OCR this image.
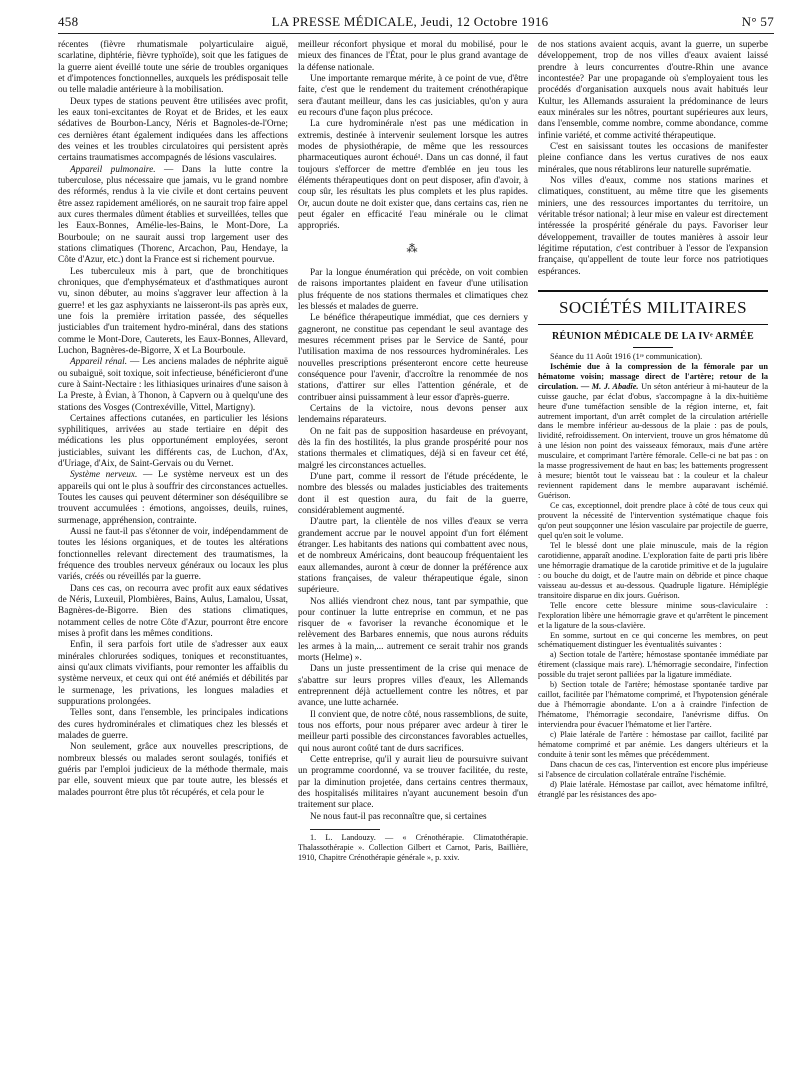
458	LA PRESSE MÉDICALE, Jeudi, 12 Octobre 1916	N° 57

récentes (fièvre rhumatismale polyarticulaire aiguë, scarlatine, diphtérie, fièvre typhoïde), soit que les fatigues de la guerre aient éveillé toute une série de troubles organiques et d'impotences fonctionnelles, auxquels les prédisposait telle ou telle maladie antérieure à la mobilisation.

Deux types de stations peuvent être utilisées avec profit, les eaux toni-excitantes de Royat et de Brides, et les eaux sédatives de Bourbon-Lancy, Néris et Bagnoles-de-l'Orne; ces dernières étant également indiquées dans les affections des veines et les troubles circulatoires qui persistent après certains traumatismes accompagnés de lésions vasculaires.

Appareil pulmonaire. — Dans la lutte contre la tuberculose, plus nécessaire que jamais, vu le grand nombre des réformés, rendus à la vie civile et dont certains peuvent être assez rapidement améliorés, on ne saurait trop faire appel aux cures thermales dûment établies et surveillées, telles que les Eaux-Bonnes, Amélie-les-Bains, le Mont-Dore, La Bourboule; on ne saurait aussi trop largement user des stations climatiques (Thorenc, Arcachon, Pau, Hendaye, la Côte d'Azur, etc.) dont la France est si richement pourvue.

Les tuberculeux mis à part, que de bronchitiques chroniques, que d'emphysémateux et d'asthmatiques auront vu, sinon débuter, au moins s'aggraver leur affection à la guerre! et les gaz asphyxiants ne laisseront-ils pas après eux, une fois la première irritation passée, des séquelles justiciables d'un traitement hydro-minéral, dans des stations comme le Mont-Dore, Cauterets, les Eaux-Bonnes, Allevard, Luchon, Bagnères-de-Bigorre, X et La Bourboule.

Appareil rénal. — Les anciens malades de néphrite aiguë ou subaiguë, soit toxique, soit infectieuse, bénéficieront d'une cure à Saint-Nectaire : les lithiasiques urinaires d'une saison à La Preste, à Évian, à Thonon, à Capvern ou à quelqu'une des stations des Vosges (Contrexéville, Vittel, Martigny).

Certaines affections cutanées, en particulier les lésions syphilitiques, arrivées au stade tertiaire en dépit des médications les plus opportunément employées, seront justiciables, suivant les différents cas, de Luchon, d'Ax, d'Uriage, d'Aix, de Saint-Gervais ou du Vernet.

Système nerveux. — Le système nerveux est un des appareils qui ont le plus à souffrir des circonstances actuelles. Toutes les causes qui peuvent déterminer son déséquilibre se trouvent accumulées : émotions, angoisses, deuils, ruines, surmenage, appréhension, contrainte.

Aussi ne faut-il pas s'étonner de voir, indépendamment de toutes les lésions organiques, et de toutes les altérations fonctionnelles relevant directement des traumatismes, la fréquence des troubles nerveux généraux ou locaux les plus variés, créés ou réveillés par la guerre.

Dans ces cas, on recourra avec profit aux eaux sédatives de Néris, Luxeuil, Plombières, Bains, Aulus, Lamalou, Ussat, Bagnères-de-Bigorre. Bien des stations climatiques, notamment celles de notre Côte d'Azur, pourront être encore mises à profit dans les mêmes conditions.

Enfin, il sera parfois fort utile de s'adresser aux eaux minérales chlorurées sodiques, toniques et reconstituantes, ainsi qu'aux climats vivifiants, pour remonter les affaiblis du système nerveux, et ceux qui ont été anémiés et débilités par le surmenage, les privations, les longues maladies et suppurations prolongées.

Telles sont, dans l'ensemble, les principales indications des cures hydrominérales et climatiques chez les blessés et malades de guerre.

Non seulement, grâce aux nouvelles prescriptions, de nombreux blessés ou malades seront soulagés, tonifiés et guéris par l'emploi judicieux de la méthode thermale, mais par elle, souvent mieux que par toute autre, les blessés et malades pourront être plus tôt récupérés, et cela pour le

meilleur réconfort physique et moral du mobilisé, pour le mieux des finances de l'État, pour le plus grand avantage de la défense nationale.

Une importante remarque mérite, à ce point de vue, d'être faite, c'est que le rendement du traitement crénothérapique sera d'autant meilleur, dans les cas jusiciables, qu'on y aura eu recours d'une façon plus précoce.

La cure hydrominérale n'est pas une médication in extremis, destinée à intervenir seulement lorsque les autres modes de physiothérapie, de même que les ressources pharmaceutiques auront échoué¹. Dans un cas donné, il faut toujours s'efforcer de mettre d'emblée en jeu tous les éléments thérapeutiques dont on peut disposer, afin d'avoir, à coup sûr, les résultats les plus complets et les plus rapides. Or, aucun doute ne doit exister que, dans certains cas, rien ne peut égaler en efficacité l'eau minérale ou le climat appropriés.

⁂

Par la longue énumération qui précède, on voit combien de raisons importantes plaident en faveur d'une utilisation plus fréquente de nos stations thermales et climatiques chez les blessés et malades de guerre.

Le bénéfice thérapeutique immédiat, que ces derniers y gagneront, ne constitue pas cependant le seul avantage des mesures récemment prises par le Service de Santé, pour l'utilisation maxima de nos ressources hydrominérales. Les nouvelles prescriptions présenteront encore cette heureuse conséquence pour l'avenir, d'accroître la renommée de nos stations, d'attirer sur elles l'attention générale, et de contribuer ainsi puissamment à leur essor d'après-guerre.

Certains de la victoire, nous devons penser aux lendemains réparateurs.

On ne fait pas de supposition hasardeuse en prévoyant, dès la fin des hostilités, la plus grande prospérité pour nos stations thermales et climatiques, déjà si en faveur cet été, malgré les circonstances actuelles.

D'une part, comme il ressort de l'étude précédente, le nombre des blessés ou malades justiciables des traitements dont il est question aura, du fait de la guerre, considérablement augmenté.

D'autre part, la clientèle de nos villes d'eaux se verra grandement accrue par le nouvel appoint d'un fort élément étranger. Les habitants des nations qui combattent avec nous, et de nombreux Américains, dont beaucoup fréquentaient les eaux allemandes, auront à cœur de donner la préférence aux stations françaises, de valeur thérapeutique égale, sinon supérieure.

Nos alliés viendront chez nous, tant par sympathie, que pour continuer la lutte entreprise en commun, et ne pas risquer de « favoriser la revanche économique et le relèvement des Barbares ennemis, que nous aurons réduits les armes à la main,... autrement ce serait trahir nos grands morts (Helme) ».

Dans un juste pressentiment de la crise qui menace de s'abattre sur leurs propres villes d'eaux, les Allemands entreprennent déjà actuellement contre les nôtres, et par avance, une lutte acharnée.

Il convient que, de notre côté, nous rassemblions, de suite, tous nos efforts, pour nous préparer avec ardeur à tirer le meilleur parti possible des circonstances favorables actuelles, qui nous auront coûté tant de durs sacrifices.

Cette entreprise, qu'il y aurait lieu de poursuivre suivant un programme coordonné, va se trouver facilitée, du reste, par la diminution projetée, dans certains centres thermaux, des hospitalisés militaires n'ayant aucunement besoin d'un traitement sur place.

Ne nous faut-il pas reconnaître que, si certaines

1. L. Landouzy. — « Crénothérapie. Climatothérapie. Thalassothérapie ». Collection Gilbert et Carnot, Paris, Baillière, 1910, Chapitre Crénothérapie générale », p. xxiv.

de nos stations avaient acquis, avant la guerre, un superbe développement, trop de nos villes d'eaux avaient laissé prendre à leurs concurrentes d'outre-Rhin une avance incontestée? Par une propagande où s'employaient tous les procédés d'organisation auxquels nous avait habitués leur Kultur, les Allemands assuraient la prédominance de leurs eaux minérales sur les nôtres, pourtant supérieures aux leurs, dans l'ensemble, comme nombre, comme abondance, comme infinie variété, et comme activité thérapeutique.

C'est en saisissant toutes les occasions de manifester pleine confiance dans les vertus curatives de nos eaux minérales, que nous rétablirons leur naturelle suprématie.

Nos villes d'eaux, comme nos stations marines et climatiques, constituent, au même titre que les gisements miniers, une des ressources importantes du territoire, un véritable trésor national; à leur mise en valeur est directement intéressée la prospérité générale du pays. Favoriser leur développement, travailler de toutes manières à assoir leur légitime réputation, c'est contribuer à l'essor de l'expansion française, qu'appellent de toute leur force nos patriotiques espérances.

SOCIÉTÉS MILITAIRES
RÉUNION MÉDICALE DE LA IVᵉ ARMÉE

Séance du 11 Août 1916 (1ʳᵉ communication).

Ischémie due à la compression de la fémorale par un hématome voisin; massage direct de l'artère; retour de la circulation. — M. J. Abadie. Un séton antérieur à mi-hauteur de la cuisse gauche, par éclat d'obus, s'accompagne à la dix-huitième heure d'une tuméfaction sensible de la région interne, et, fait autrement important, d'un arrêt complet de la circulation artérielle dans le membre inférieur au-dessous de la plaie : pas de pouls, lividité, refroidissement. On intervient, trouve un gros hématome dû à une lésion non point des vaisseaux fémoraux, mais d'une artère musculaire, et comprimant l'artère fémorale. Celle-ci ne bat pas : on la masse progressivement de haut en bas; les battements progressent à mesure; bientôt tout le vaisseau bat : la couleur et la chaleur reviennent rapidement dans le membre auparavant ischémié. Guérison.

Ce cas, exceptionnel, doit prendre place à côté de tous ceux qui prouvent la nécessité de l'intervention systématique chaque fois qu'on peut soupçonner une lésion vasculaire par projectile de guerre, quel qu'en soit le volume.

Tel le blessé dont une plaie minuscule, mais de la région carotidienne, apparaît anodine. L'exploration faite de parti pris libère une hémorragie dramatique de la carotide primitive et de la jugulaire : ou bouche du doigt, et de l'autre main on débride et pince chaque vaisseau au-dessus et au-dessous. Quadruple ligature. Hémiplégie transitoire disparue en dix jours. Guérison.

Telle encore cette blessure minime sous-claviculaire : l'exploration libère une hémorragie grave et qu'arrêtent le pincement et la ligature de la sous-clavière.

En somme, surtout en ce qui concerne les membres, on peut schématiquement distinguer les éventualités suivantes :

a) Section totale de l'artère; hémostase spontanée immédiate par étirement (classique mais rare). L'hémorragie secondaire, l'infection possible du trajet seront palliées par la ligature immédiate.

b) Section totale de l'artère; hémostase spontanée tardive par caillot, facilitée par l'hématome comprimé, et l'hypotension générale due à l'hémorragie abondante. L'on a à craindre l'infection de l'hématome, l'hémorragie secondaire, l'anévrisme diffus. On interviendra pour évacuer l'hématome et lier l'artère.

c) Plaie latérale de l'artère : hémostase par caillot, facilité par hématome comprimé et par anémie. Les dangers ultérieurs et la conduite à tenir sont les mêmes que précédemment.

Dans chacun de ces cas, l'intervention est encore plus impérieuse si l'absence de circulation collatérale entraîne l'ischémie.

d) Plaie latérale. Hémostase par caillot, avec hématome infiltré, étranglé par les résistances des apo-
